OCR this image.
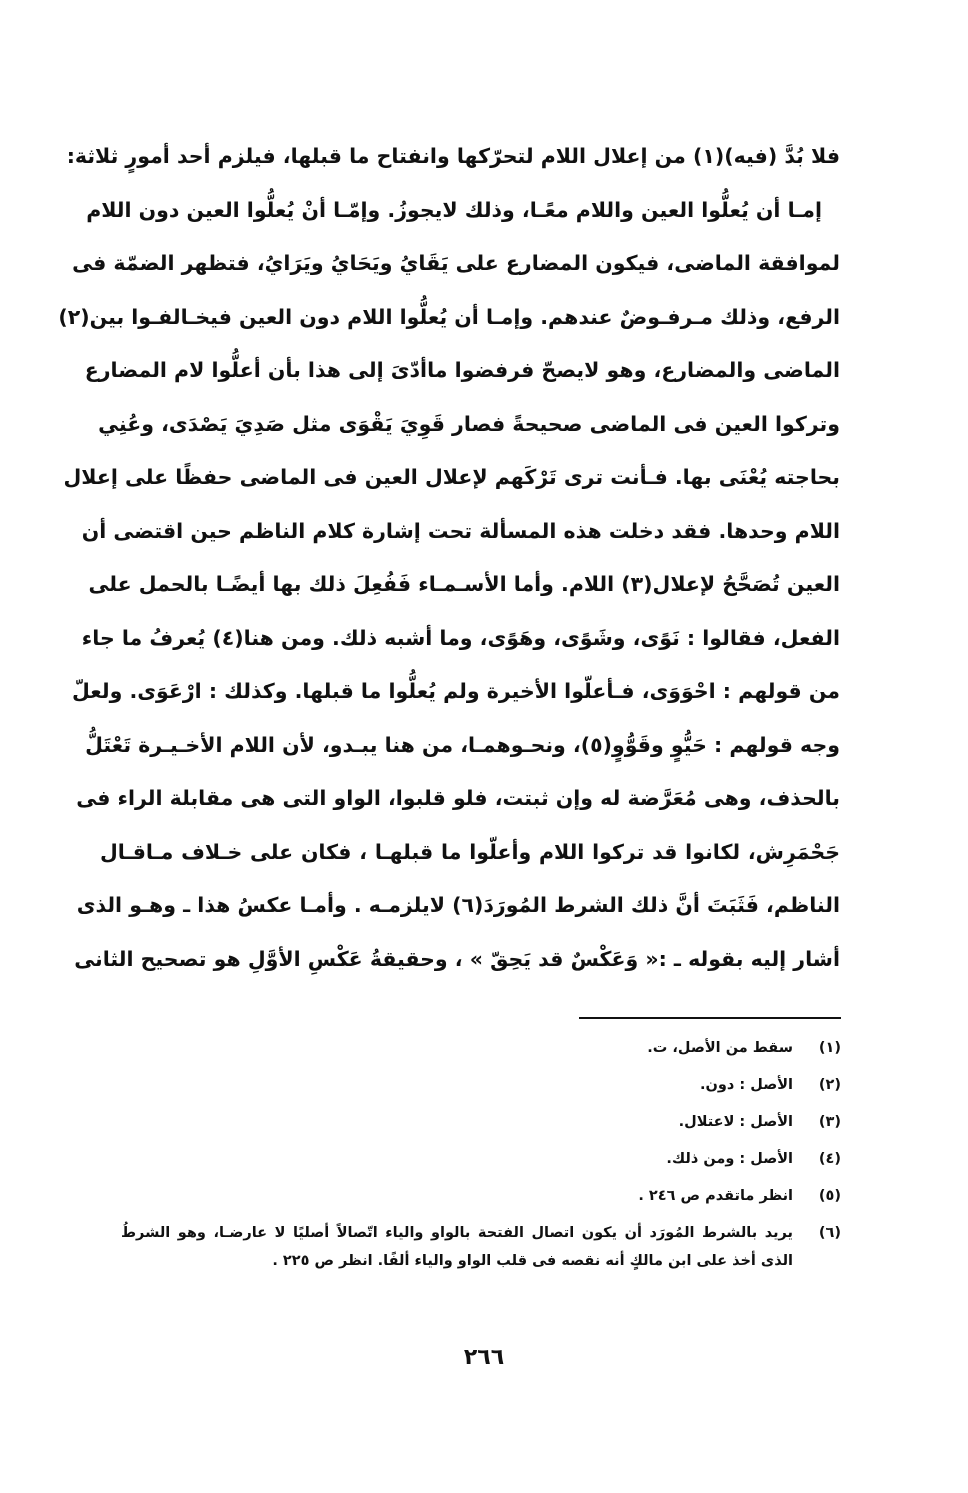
فلا بُدَّ (فيه)(١) من إعلال اللام لتحرّكها وانفتاح ما قبلها، فيلزم أحد أمورٍ ثلاثة:
إمـا أن يُعلُّوا العين واللام معًـا، وذلك لايجوزُ. وإمّـا أنْ يُعلُّوا العين دون اللام
لموافقة الماضى، فيكون المضارع على يَقَايُ ويَحَايُ ويَرَايُ، فتظهر الضمّة فى
الرفع، وذلك مـرفـوضٌ عندهم. وإمـا أن يُعلُّوا اللام دون العين فيخـالفـوا بين(٢)
الماضى والمضارع، وهو لايصحّ فرفضوا ماأدّىَ إلى هذا بأن أعلُّوا لام المضارع
وتركوا العين فى الماضى صحيحةً فصار قَوِيَ يَقْوَى مثل صَدِيَ يَصْدَى، وعُنِي
بحاجته يُعْنَى بها. فـأنت ترى تَرْكَهم لإعلال العين فى الماضى حفظًا على إعلال
اللام وحدها. فقد دخلت هذه المسألة تحت إشارة كلام الناظم حين اقتضى أن
العين تُصَحَّحُ لإعلال(٣) اللام. وأما الأسـمـاء فَفُعِلَ ذلك بها أيضًـا بالحمل على
الفعل، فقالوا : نَوًى، وشَوًى، وهَوًى، وما أشبه ذلك. ومن هنا(٤) يُعرفُ ما جاء
من قولهم : احْوَوَى، فـأعلّوا الأخيرة ولم يُعلُّوا ما قبلها. وكذلك : ارْعَوَى. ولعلّ
وجه قولهم : حَيُّوٍ وقَوُّوٍ(٥)، ونحـوهمـا، من هنا يبـدو، لأن اللام الأخـيـرة تَعْتَلُّ
بالحذف، وهى مُعَرَّضة له وإن ثبتت، فلو قلبوا، الواو التى هى مقابلة الراء فى
جَحْمَرِش، لكانوا قد تركوا اللام وأعلّوا ما قبلهـا ، فكان على خـلاف مـاقـال
الناظم، فَثَبَتَ أنَّ ذلك الشرط المُورَدَ(٦) لايلزمـه . وأمـا عكسُ هذا ـ وهـو الذى
أشار إليه بقوله ـ :« وَعَكْسٌ قد يَحِقّ » ، وحقيقةُ عَكْسِ الأوَّلِ هو تصحيح الثانى
(١)
سقط من الأصل، ت.
(٢)
الأصل : دون.
(٣)
الأصل : لاعتلال.
(٤)
الأصل : ومن ذلك.
(٥)
انظر ماتقدم ص ٢٤٦ .
(٦)
يريد بالشرط المُورَد أن يكون اتصال الفتحة بالواو والياء اتّصالاً أصليًا لا عارضـا، وهو الشرطُ الذى أخذ على ابن مالكٍ أنه نقصه فى قلب الواو والياء ألفًا. انظر ص ٢٢٥ .
٢٦٦
